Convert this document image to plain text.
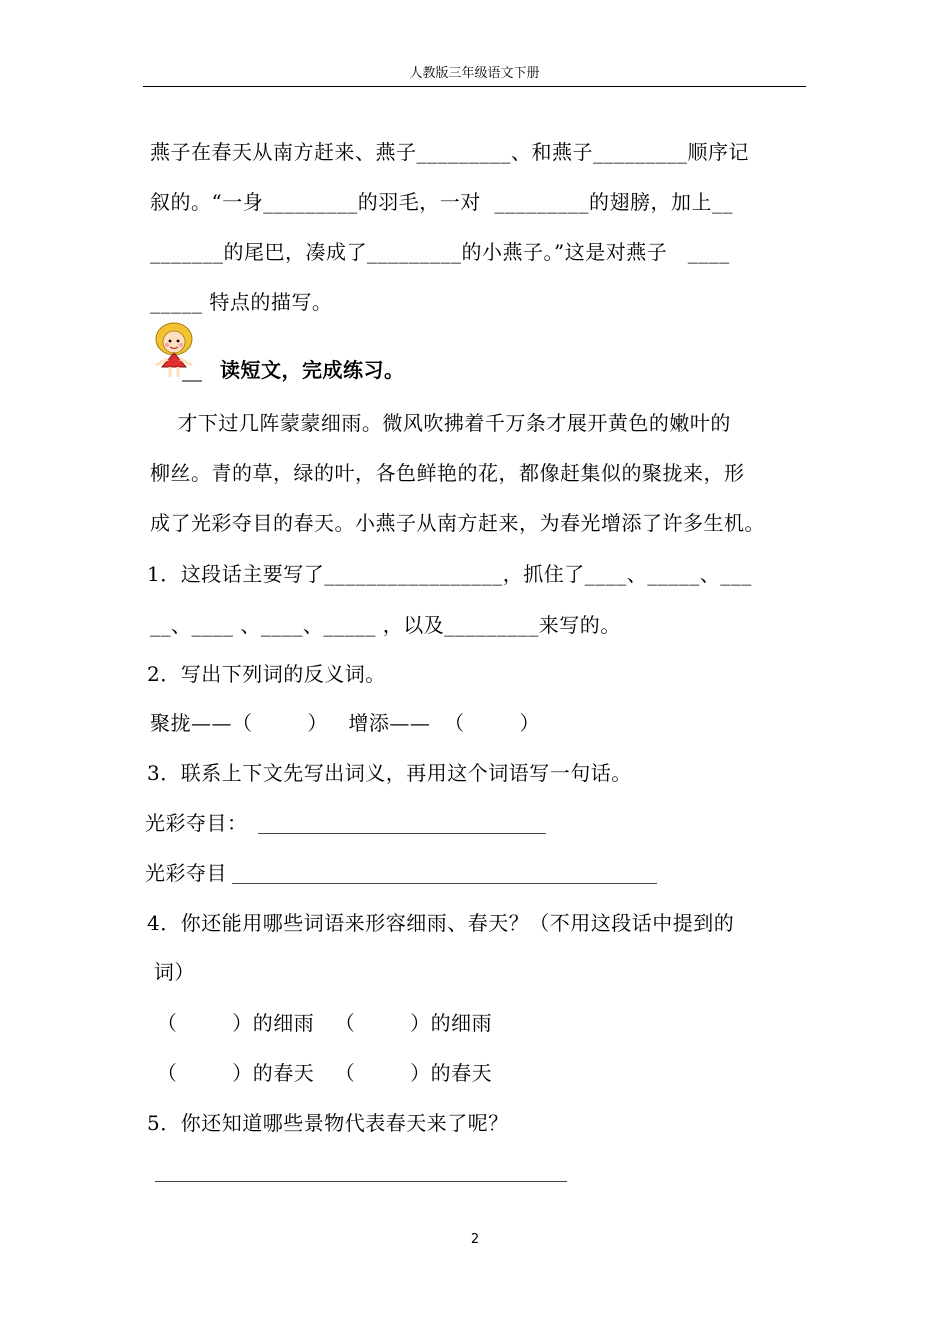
人教版三年级语文下册
燕子在春天从南方赶来、燕子_________、和燕子_________顺序记
叙的。“一身_________的羽毛，一对  _________的翅膀，加上__
_______的尾巴，凑成了_________的小燕子。”这是对燕子   ____
_____ 特点的描写。
读短文，完成练习。
才下过几阵蒙蒙细雨。微风吹拂着千万条才展开黄色的嫩叶的
柳丝。青的草，绿的叶，各色鲜艳的花，都像赶集似的聚拢来，形
成了光彩夺目的春天。小燕子从南方赶来，为春光增添了许多生机。
1．这段话主要写了_________________，抓住了____、_____、___
__、____ 、____、_____ ，以及_________来写的。
2．写出下列词的反义词。
聚拢——（        ）   增添——  （        ）
3．联系上下文先写出词义，再用这个词语写一句话。
光彩夺目：
光彩夺目
4．你还能用哪些词语来形容细雨、春天？（不用这段话中提到的
词）
（        ）的细雨   （        ）的细雨
（        ）的春天   （        ）的春天
5．你还知道哪些景物代表春天来了呢？
2
